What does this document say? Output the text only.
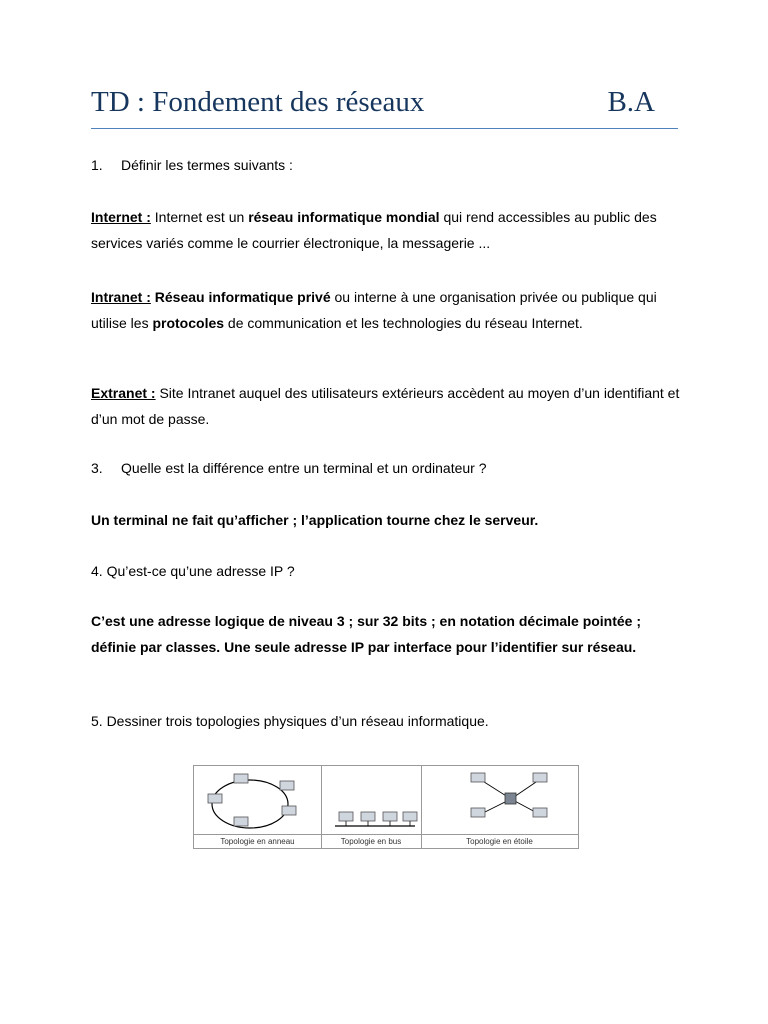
TD : Fondement des réseaux	B.A
1. Définir les termes suivants :
Internet : Internet est un réseau informatique mondial qui rend accessibles au public des services variés comme le courrier électronique, la messagerie ...
Intranet : Réseau informatique privé ou interne à une organisation privée ou publique qui utilise les protocoles de communication et les technologies du réseau Internet.
Extranet : Site Intranet auquel des utilisateurs extérieurs accèdent au moyen d’un identifiant et d’un mot de passe.
3. Quelle est la différence entre un terminal et un ordinateur ?
Un terminal ne fait qu’afficher ; l’application tourne chez le serveur.
4. Qu’est-ce qu’une adresse IP ?
C’est une adresse logique de niveau 3 ; sur 32 bits ; en notation décimale pointée ; définie par classes. Une seule adresse IP par interface pour l’identifier sur réseau.
5. Dessiner trois topologies physiques d’un réseau informatique.
Topologie en anneau	Topologie en bus	Topologie en étoile
